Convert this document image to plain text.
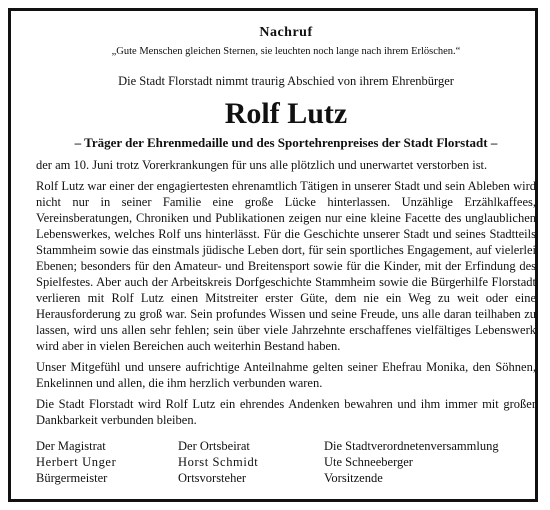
Nachruf
„Gute Menschen gleichen Sternen, sie leuchten noch lange nach ihrem Erlöschen.“
Die Stadt Florstadt nimmt traurig Abschied von ihrem Ehrenbürger
Rolf Lutz
– Träger der Ehrenmedaille und des Sportehrenpreises der Stadt Florstadt –
der am 10. Juni trotz Vorerkrankungen für uns alle plötzlich und unerwartet verstorben ist.
Rolf Lutz war einer der engagiertesten ehrenamtlich Tätigen in unserer Stadt und sein Ableben wird nicht nur in seiner Familie eine große Lücke hinterlassen. Unzählige Erzählkaffees, Vereinsberatungen, Chroniken und Publikationen zeigen nur eine kleine Facette des unglaublichen Lebenswerkes, welches Rolf uns hinterlässt. Für die Geschichte unserer Stadt und seines Stadtteils Stammheim sowie das einstmals jüdische Leben dort, für sein sportliches Engagement, auf vielerlei Ebenen; besonders für den Amateur- und Breitensport sowie für die Kinder, mit der Erfindung des Spielfestes. Aber auch der Arbeitskreis Dorfgeschichte Stammheim sowie die Bürgerhilfe Florstadt verlieren mit Rolf Lutz einen Mitstreiter erster Güte, dem nie ein Weg zu weit oder eine Herausforderung zu groß war. Sein profundes Wissen und seine Freude, uns alle daran teilhaben zu lassen, wird uns allen sehr fehlen; sein über viele Jahrzehnte erschaffenes vielfältiges Lebenswerk wird aber in vielen Bereichen auch weiterhin Bestand haben.
Unser Mitgefühl und unsere aufrichtige Anteilnahme gelten seiner Ehefrau Monika, den Söhnen, Enkelinnen und allen, die ihm herzlich verbunden waren.
Die Stadt Florstadt wird Rolf Lutz ein ehrendes Andenken bewahren und ihm immer mit großer Dankbarkeit verbunden bleiben.
Der Magistrat
Herbert Unger
Bürgermeister
Der Ortsbeirat
Horst Schmidt
Ortsvorsteher
Die Stadtverordnetenversammlung
Ute Schneeberger
Vorsitzende
